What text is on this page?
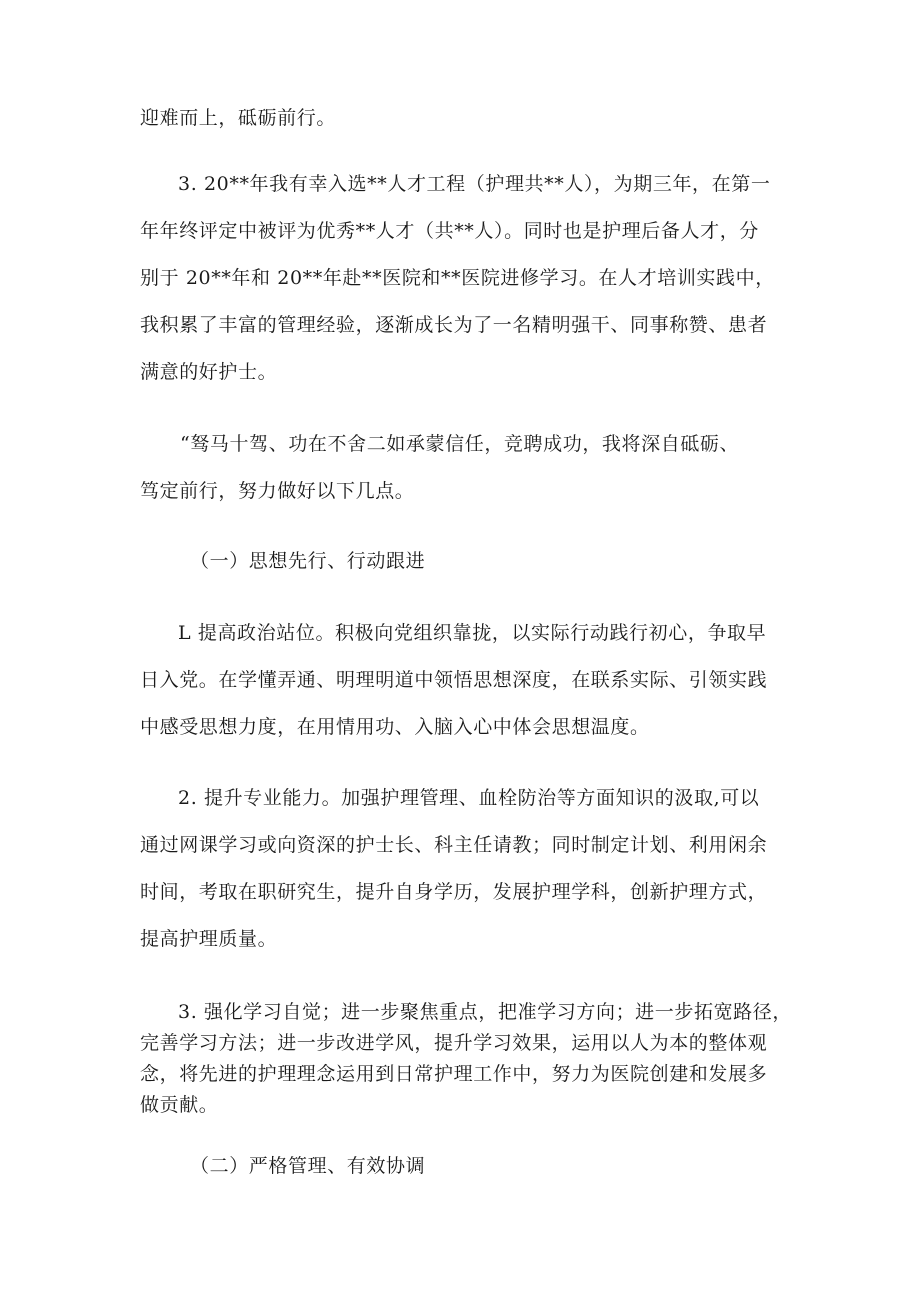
迎难而上，砥砺前行。
3. 20**年我有幸入选**人才工程（护理共**人），为期三年，在第一
年年终评定中被评为优秀**人才（共**人）。同时也是护理后备人才，分
别于 20**年和 20**年赴**医院和**医院进修学习。在人才培训实践中，
我积累了丰富的管理经验，逐渐成长为了一名精明强干、同事称赞、患者
满意的好护士。
“驽马十驾、功在不舍二如承蒙信任，竞聘成功，我将深自砥砺、
笃定前行，努力做好以下几点。
（一）思想先行、行动跟进
L 提高政治站位。积极向党组织靠拢，以实际行动践行初心，争取早
日入党。在学懂弄通、明理明道中领悟思想深度，在联系实际、引领实践
中感受思想力度，在用情用功、入脑入心中体会思想温度。
2. 提升专业能力。加强护理管理、血栓防治等方面知识的汲取,可以
通过网课学习或向资深的护士长、科主任请教；同时制定计划、利用闲余
时间，考取在职研究生，提升自身学历，发展护理学科，创新护理方式，
提高护理质量。
3. 强化学习自觉；进一步聚焦重点，把准学习方向；进一步拓宽路径，
完善学习方法；进一步改进学风，提升学习效果，运用以人为本的整体观
念，将先进的护理理念运用到日常护理工作中，努力为医院创建和发展多
做贡献。
（二）严格管理、有效协调
